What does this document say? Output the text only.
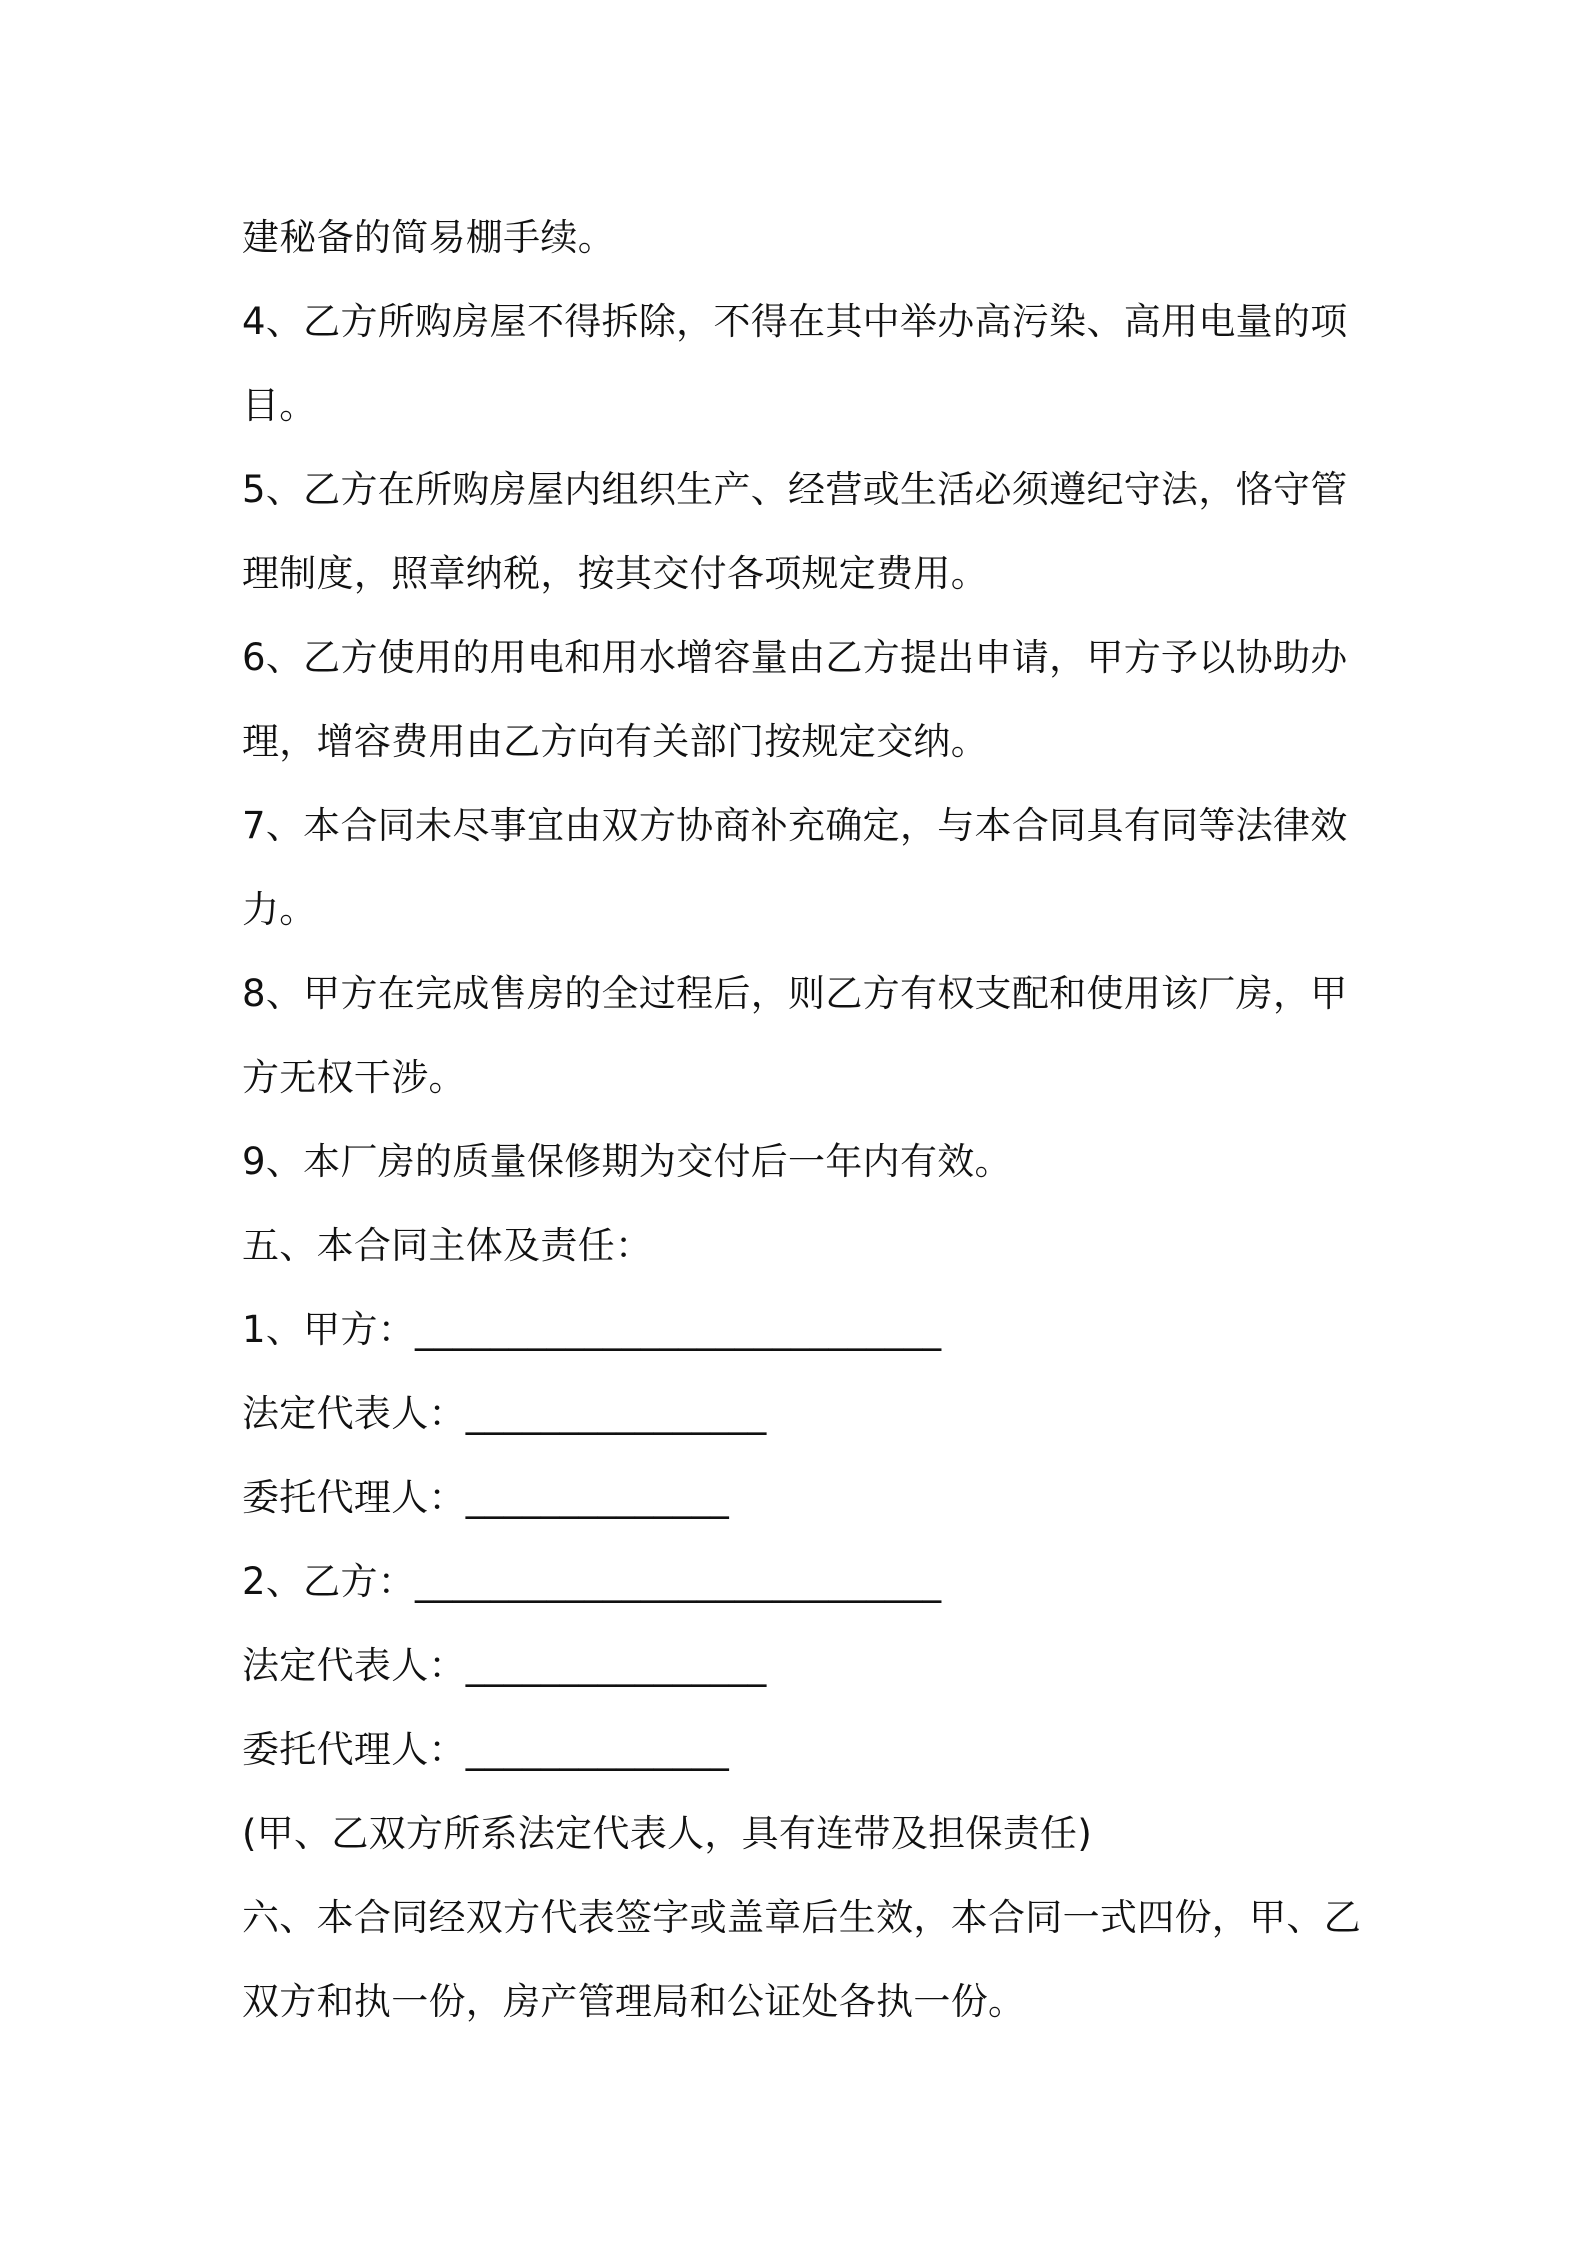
建秘备的简易棚手续。
4、乙方所购房屋不得拆除，不得在其中举办高污染、高用电量的项
目。
5、乙方在所购房屋内组织生产、经营或生活必须遵纪守法，恪守管
理制度，照章纳税，按其交付各项规定费用。
6、乙方使用的用电和用水增容量由乙方提出申请，甲方予以协助办
理，增容费用由乙方向有关部门按规定交纳。
7、本合同未尽事宜由双方协商补充确定，与本合同具有同等法律效
力。
8、甲方在完成售房的全过程后，则乙方有权支配和使用该厂房，甲
方无权干涉。
9、本厂房的质量保修期为交付后一年内有效。
五、本合同主体及责任：
1、甲方：____________________________
法定代表人：________________
委托代理人：______________
2、乙方：____________________________
法定代表人：________________
委托代理人：______________
(甲、乙双方所系法定代表人，具有连带及担保责任)
六、本合同经双方代表签字或盖章后生效，本合同一式四份，甲、乙
双方和执一份，房产管理局和公证处各执一份。
